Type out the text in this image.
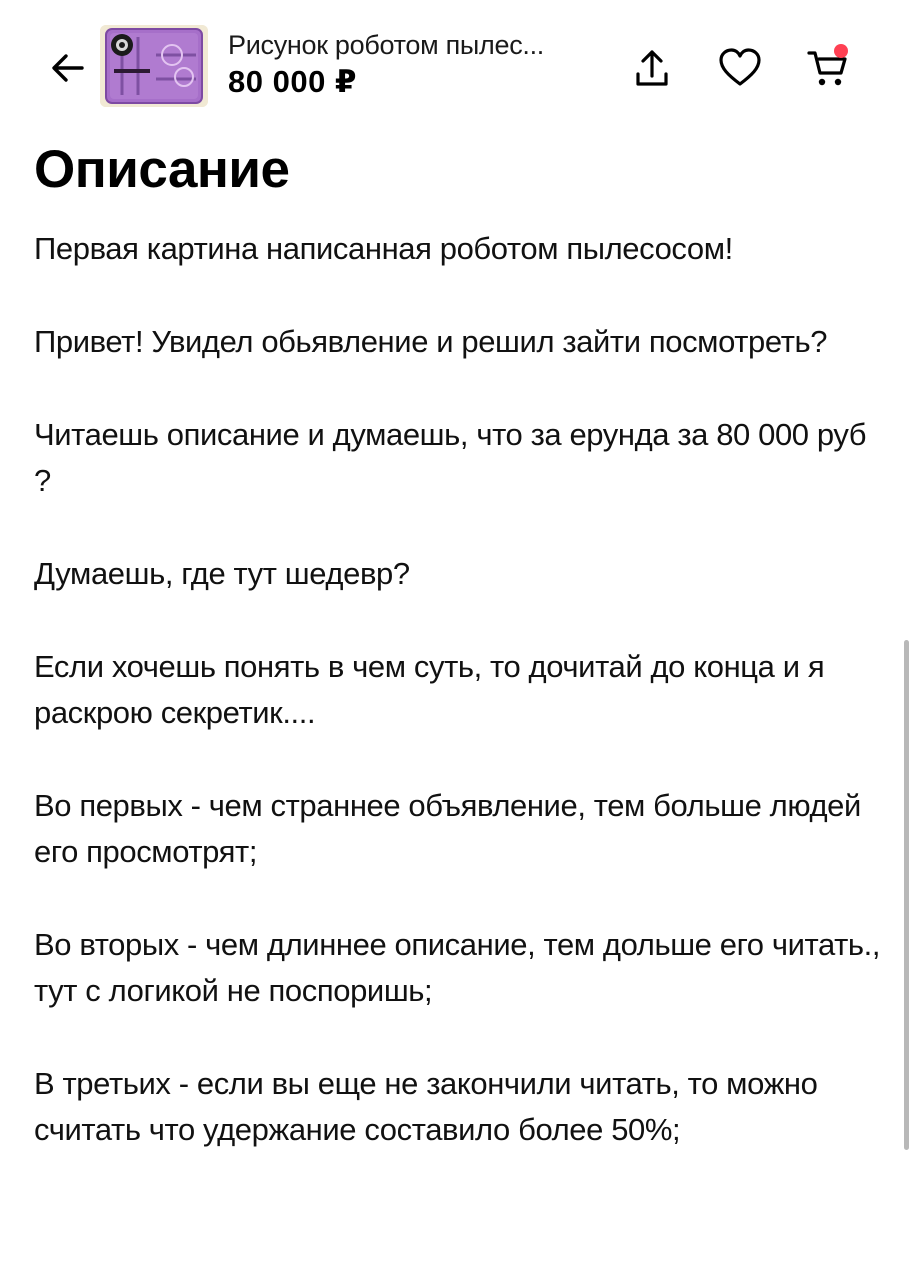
Рисунок роботом пылес...
80 000 ₽
Описание

Первая картина написанная роботом пылесосом!

Привет! Увидел обьявление и решил зайти посмотреть?

Читаешь описание и думаешь, что за ерунда за 80 000 руб ?

Думаешь, где тут шедевр?

Если хочешь понять в чем суть, то дочитай до конца и я раскрою секретик....

Во первых - чем страннее объявление, тем больше людей его просмотрят;

Во вторых - чем длиннее описание, тем дольше его читать., тут с логикой не поспоришь;

В третьих - если вы еще не закончили читать, то можно считать что удержание составило более 50%;
